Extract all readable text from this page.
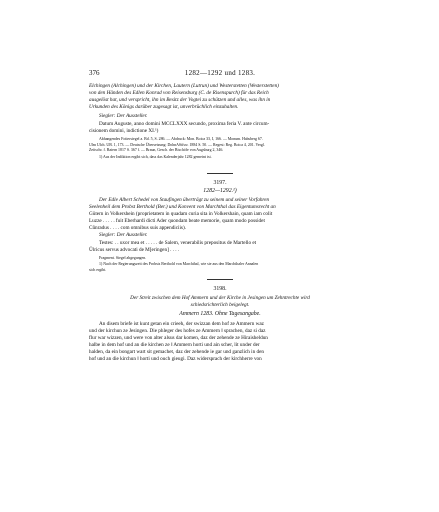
376	1282—1292 und 1283.
Elchingen (Alchingen) und der Kirchen, Lautern (Lutrun) und Westerstetten (Westerstetten)
von den Händen des Edlen Konrad von Reisensburg (C. de Risenspurch) für das Reich
ausgelöst hat, und verspricht, ihn im Besitz der Vogtei zu schützen und alles, was ihn in
Urkunden des Königs darüber zugesagt ist, unverbrüchlich einzuhalten.
Siegler: Der Aussteller.
Datum Auguste, anno domini MCCLXXX secundo, proxima feria V. ante circum-
cisionem domini, indictione XI.¹)
Abhangendes Fotiersiegel a. Bd. 5, S. 286. — Abdruck: Mon. Boica 33, I, 166. — Monum. Habsberg 67.
Ulm Ulch. UB. 1, 173. — Deutsche Übersetzung: DohnAStfsw. 1884 S. 50. — Regest: Reg. Boica 4, 201. Vergl.
Zeitschr. f. Baiern 1817 S. 367 f. — Braun, Gesch. der Bischöfe von Augsburg 2, 346.
1) Aus der Indiktion ergibt sich, dass das Kalenderjahr 1282 gemeint ist.
3197.
1282—1292.¹)
Der Edle Albert Schedel von Staufingen überträgt zu seinem und seiner Vorfahren
Seelenheil dem Probst Berthold (Ber.) und Konvent von Marchthal das Eigentumsrecht an
Gütern in Volkershein (proprietatem in quadam curia sita in Volkershain, quam iam colit
Luzze . . . . . fuit Eberhardi dicti Ader quondam beate memorie, quam modo possidet
Cůnradus . . . . com omnibus suis appendiciis).
Siegler: Der Aussteller.
Testes: . . uxor mea et . . . . . de Salem, venerabilis prepositus de Martello et
Ůlricus servus advocati de M[eringen] . . . .
Fragment. Siegel abgegangen.
1) Nach der Regierungszeit des Probsts Berthold von Marchthal, wie sie aus den Marchthaler Annalen
sich ergibt.
3198.
Der Streit zwischen dem Hof Ammern und der Kirche in Jesingen um Zehntrechte wird
schiedsrichterlich beigelegt.
Ammern 1283. Ohne Tagesangabe.
An disem briefe ist kunt getan ein crieeh, der swizzan dem hof ze Ammern waz
und der kirchun ze Jesingen. Die phleger des hofes ze Ammern ‖ sprachen, daz si daz
flur war wizzen, und were von alter alsus dar komen, daz der zehende ze Hiraisheldun
halbe in dem hof und an die kirchen ze ‖ Ammern horti und ain scher, lit under der
halden, da ein bongart wart sit gemachet, daz der zehende ie gar und ganzlich in den
hof und an die kirchun ‖ horti und ouch gieugi. Daz widersprach der kirchherre von
